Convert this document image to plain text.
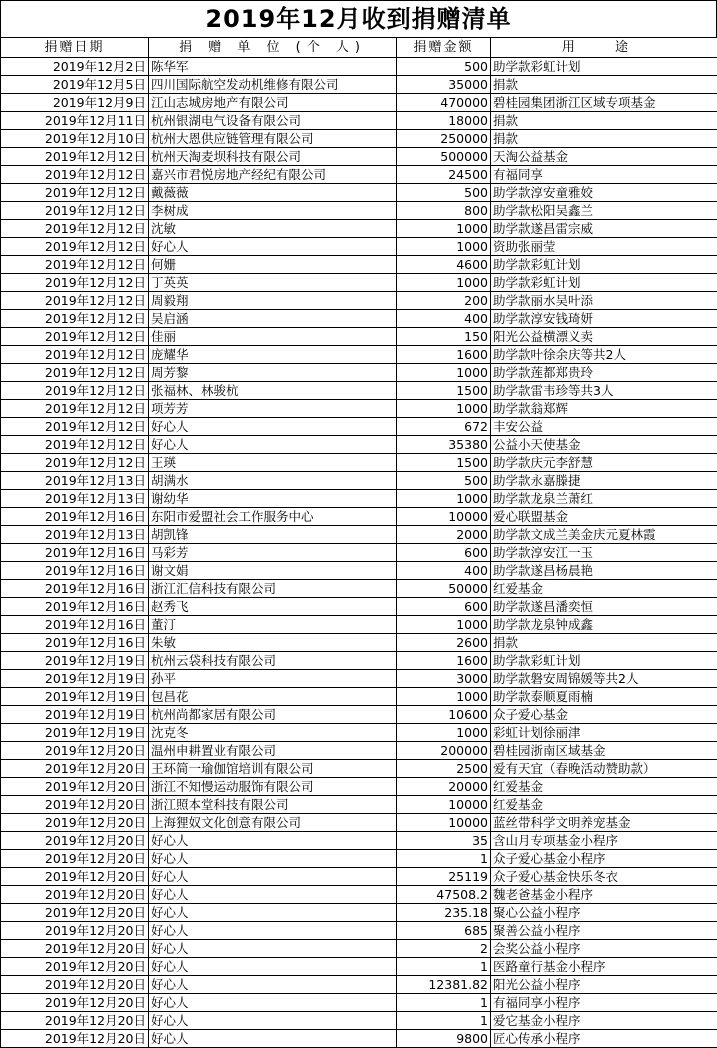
2019年12月收到捐赠清单
捐赠日期	捐 赠 单 位 (个 人)	捐赠金额	用 途
2019年12月2日	陈华军	500	助学款彩虹计划
2019年12月5日	四川国际航空发动机维修有限公司	35000	捐款
2019年12月9日	江山志城房地产有限公司	470000	碧桂园集团浙江区域专项基金
2019年12月11日	杭州银湖电气设备有限公司	18000	捐款
2019年12月10日	杭州大恩供应链管理有限公司	250000	捐款
2019年12月12日	杭州天淘麦坝科技有限公司	500000	天淘公益基金
2019年12月12日	嘉兴市君悦房地产经纪有限公司	24500	有福同享
2019年12月12日	戴薇薇	500	助学款淳安童雅姣
2019年12月12日	李树成	800	助学款松阳吴鑫兰
2019年12月12日	沈敏	1000	助学款遂昌雷宗威
2019年12月12日	好心人	1000	资助张丽莹
2019年12月12日	何姗	4600	助学款彩虹计划
2019年12月12日	丁英英	1000	助学款彩虹计划
2019年12月12日	周毅翔	200	助学款丽水吴叶添
2019年12月12日	吴启涵	400	助学款淳安钱琦妍
2019年12月12日	佳丽	150	阳光公益横漂义卖
2019年12月12日	庞耀华	1600	助学款叶徐余庆等共2人
2019年12月12日	周芳黎	1000	助学款莲都郑贵玲
2019年12月12日	张福林、林骏杭	1500	助学款雷韦珍等共3人
2019年12月12日	项芳芳	1000	助学款翁郑辉
2019年12月12日	好心人	672	丰安公益
2019年12月12日	好心人	35380	公益小天使基金
2019年12月12日	王瑛	1500	助学款庆元李舒慧
2019年12月13日	胡满水	500	助学款永嘉滕捷
2019年12月13日	谢幼华	1000	助学款龙泉兰萧红
2019年12月16日	东阳市爱盟社会工作服务中心	10000	爱心联盟基金
2019年12月13日	胡凯锋	2000	助学款文成兰美金庆元夏林霞
2019年12月16日	马彩芳	600	助学款淳安江一玉
2019年12月16日	谢文娟	400	助学款遂昌杨晨艳
2019年12月16日	浙江汇信科技有限公司	50000	红爱基金
2019年12月16日	赵秀飞	600	助学款遂昌潘奕恒
2019年12月16日	董汀	1000	助学款龙泉钟成鑫
2019年12月16日	朱敏	2600	捐款
2019年12月19日	杭州云袋科技有限公司	1600	助学款彩虹计划
2019年12月19日	孙平	3000	助学款磐安周锦媛等共2人
2019年12月19日	包昌花	1000	助学款泰顺夏雨楠
2019年12月19日	杭州尚都家居有限公司	10600	众子爱心基金
2019年12月19日	沈克冬	1000	彩虹计划徐丽津
2019年12月20日	温州申耕置业有限公司	200000	碧桂园浙南区域基金
2019年12月20日	王环简一瑜伽馆培训有限公司	2500	爱有天宜（春晚活动赞助款）
2019年12月20日	浙江不知慢运动服饰有限公司	20000	红爱基金
2019年12月20日	浙江照本堂科技有限公司	10000	红爱基金
2019年12月20日	上海狸奴文化创意有限公司	10000	蓝丝带科学文明养宠基金
2019年12月20日	好心人	35	含山月专项基金小程序
2019年12月20日	好心人	1	众子爱心基金小程序
2019年12月20日	好心人	25119	众子爱心基金快乐冬衣
2019年12月20日	好心人	47508.2	魏老爸基金小程序
2019年12月20日	好心人	235.18	聚心公益小程序
2019年12月20日	好心人	685	聚善公益小程序
2019年12月20日	好心人	2	会奖公益小程序
2019年12月20日	好心人	1	医路童行基金小程序
2019年12月20日	好心人	12381.82	阳光公益小程序
2019年12月20日	好心人	1	有福同享小程序
2019年12月20日	好心人	1	爱它基金小程序
2019年12月20日	好心人	9800	匠心传承小程序
